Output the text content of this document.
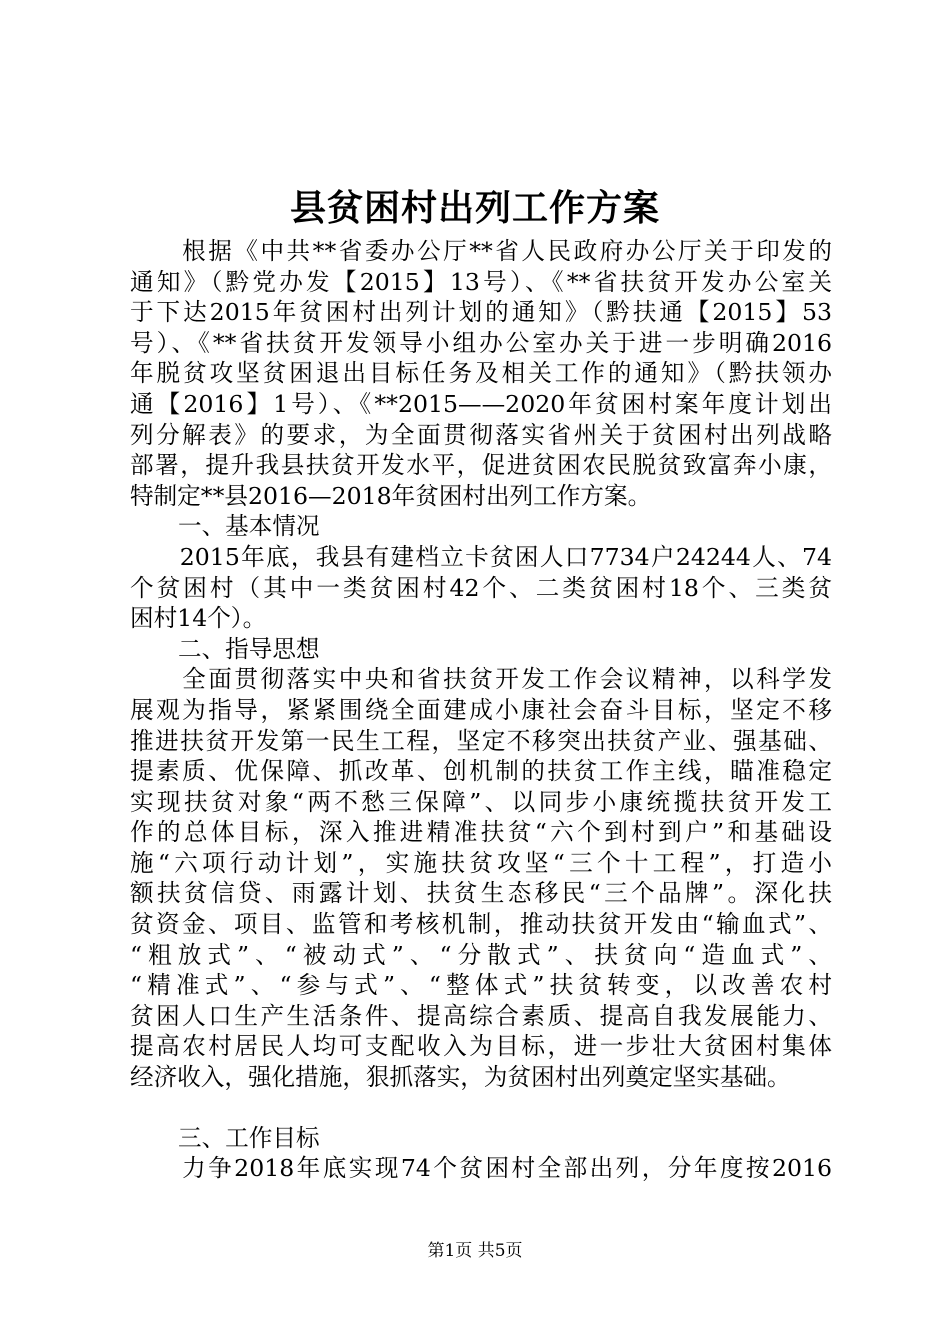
县贫困村出列工作方案

　　根据《中共**省委办公厅**省人民政府办公厅关于印发的
通知》（黔党办发【2015】13号）、《**省扶贫开发办公室关
于下达2015年贫困村出列计划的通知》（黔扶通【2015】53
号）、《**省扶贫开发领导小组办公室办关于进一步明确2016
年脱贫攻坚贫困退出目标任务及相关工作的通知》（黔扶领办
通【2016】1号）、《**2015——2020年贫困村案年度计划出
列分解表》的要求，为全面贯彻落实省州关于贫困村出列战略
部署，提升我县扶贫开发水平，促进贫困农民脱贫致富奔小康，
特制定**县2016—2018年贫困村出列工作方案。

一、基本情况

　　2015年底，我县有建档立卡贫困人口7734户24244人、74
个贫困村（其中一类贫困村42个、二类贫困村18个、三类贫
困村14个）。

二、指导思想

　　全面贯彻落实中央和省扶贫开发工作会议精神，以科学发
展观为指导，紧紧围绕全面建成小康社会奋斗目标，坚定不移
推进扶贫开发第一民生工程，坚定不移突出扶贫产业、强基础、
提素质、优保障、抓改革、创机制的扶贫工作主线，瞄准稳定
实现扶贫对象“两不愁三保障”、以同步小康统揽扶贫开发工
作的总体目标，深入推进精准扶贫“六个到村到户”和基础设
施“六项行动计划”，实施扶贫攻坚“三个十工程”，打造小
额扶贫信贷、雨露计划、扶贫生态移民“三个品牌”。深化扶
贫资金、项目、监管和考核机制，推动扶贫开发由“输血式”、
“粗放式”、“被动式”、“分散式”、扶贫向“造血式”、
“精准式”、“参与式”、“整体式”扶贫转变，以改善农村
贫困人口生产生活条件、提高综合素质、提高自我发展能力、
提高农村居民人均可支配收入为目标，进一步壮大贫困村集体
经济收入，强化措施，狠抓落实，为贫困村出列奠定坚实基础。

三、工作目标

　　力争2018年底实现74个贫困村全部出列，分年度按2016

第1页 共5页
